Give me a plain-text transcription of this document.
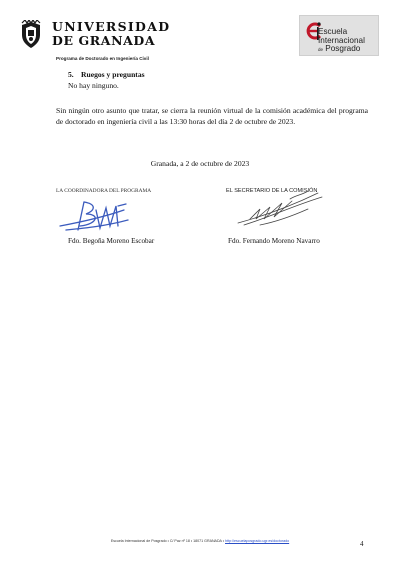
UNIVERSIDAD
DE GRANADA
Programa de Doctorado en Ingeniería Civil
Escuela
Internacional
de Posgrado
5. Ruegos y preguntas
No hay ninguno.
Sin ningún otro asunto que tratar, se cierra la reunión virtual de la comisión académica del programa de doctorado en ingeniería civil a las 13:30 horas del día 2 de octubre de 2023.
Granada, a 2 de octubre de 2023
LA COORDINADORA DEL PROGRAMA	EL SECRETARIO DE LA COMISIÓN
Fdo. Begoña Moreno Escobar	Fdo. Fernando Moreno Navarro
Escuela Internacional de Posgrado • C/ Paz nº 18 • 18071 GRANADA • http://escuelaposgrado.ugr.es/doctorado	4
